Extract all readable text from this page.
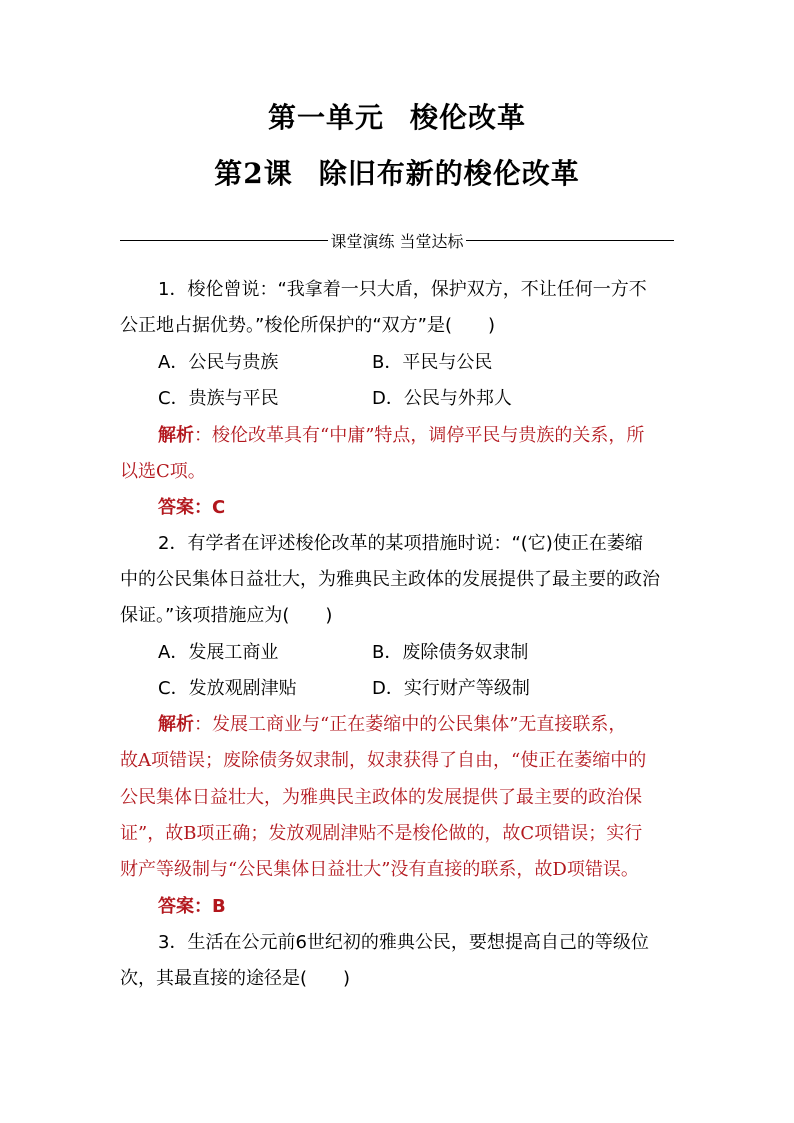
第一单元 梭伦改革
第2课 除旧布新的梭伦改革
课堂演练 当堂达标
1．梭伦曾说：“我拿着一只大盾，保护双方，不让任何一方不
公正地占据优势。”梭伦所保护的“双方”是(　　)
A．公民与贵族	B．平民与公民
C．贵族与平民	D．公民与外邦人
解析：梭伦改革具有“中庸”特点，调停平民与贵族的关系，所
以选C项。
答案：C
2．有学者在评述梭伦改革的某项措施时说：“(它)使正在萎缩
中的公民集体日益壮大，为雅典民主政体的发展提供了最主要的政治
保证。”该项措施应为(　　)
A．发展工商业	B．废除债务奴隶制
C．发放观剧津贴	D．实行财产等级制
解析：发展工商业与“正在萎缩中的公民集体”无直接联系，
故A项错误；废除债务奴隶制，奴隶获得了自由，“使正在萎缩中的
公民集体日益壮大，为雅典民主政体的发展提供了最主要的政治保
证”，故B项正确；发放观剧津贴不是梭伦做的，故C项错误；实行
财产等级制与“公民集体日益壮大”没有直接的联系，故D项错误。
答案：B
3．生活在公元前6世纪初的雅典公民，要想提高自己的等级位
次，其最直接的途径是(　　)
